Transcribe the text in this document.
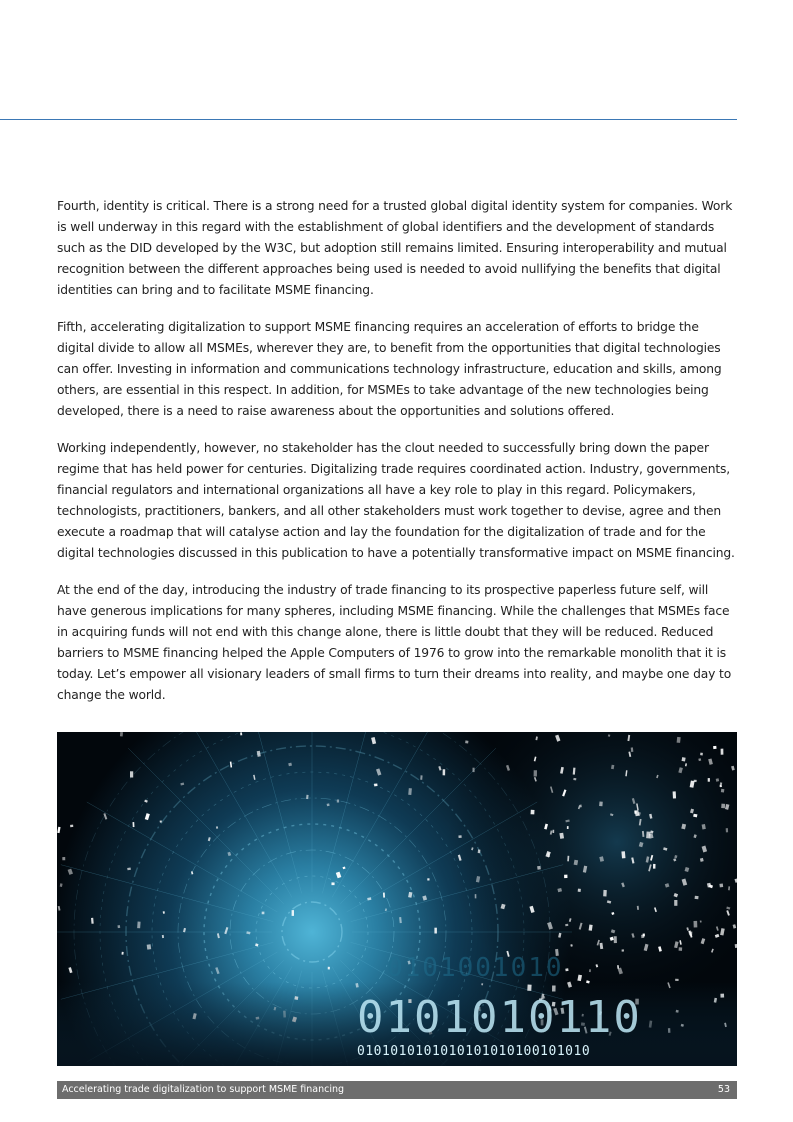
Fourth, identity is critical. There is a strong need for a trusted global digital identity system for companies. Work is well underway in this regard with the establishment of global identifiers and the development of standards such as the DID developed by the W3C, but adoption still remains limited. Ensuring interoperability and mutual recognition between the different approaches being used is needed to avoid nullifying the benefits that digital identities can bring and to facilitate MSME financing.

Fifth, accelerating digitalization to support MSME financing requires an acceleration of efforts to bridge the digital divide to allow all MSMEs, wherever they are, to benefit from the opportunities that digital technologies can offer. Investing in information and communications technology infrastructure, education and skills, among others, are essential in this respect. In addition, for MSMEs to take advantage of the new technologies being developed, there is a need to raise awareness about the opportunities and solutions offered.

Working independently, however, no stakeholder has the clout needed to successfully bring down the paper regime that has held power for centuries. Digitalizing trade requires coordinated action. Industry, governments, financial regulators and international organizations all have a key role to play in this regard. Policymakers, technologists, practitioners, bankers, and all other stakeholders must work together to devise, agree and then execute a roadmap that will catalyse action and lay the foundation for the digitalization of trade and for the digital technologies discussed in this publication to have a potentially transformative impact on MSME financing.

At the end of the day, introducing the industry of trade financing to its prospective paperless future self, will have generous implications for many spheres, including MSME financing. While the challenges that MSMEs face in acquiring funds will not end with this change alone, there is little doubt that they will be reduced. Reduced barriers to MSME financing helped the Apple Computers of 1976 to grow into the remarkable monolith that it is today. Let’s empower all visionary leaders of small firms to turn their dreams into reality, and maybe one day to change the world.

0101001010
0101010110
0101010101010101010100101010
Accelerating trade digitalization to support MSME financing	53
